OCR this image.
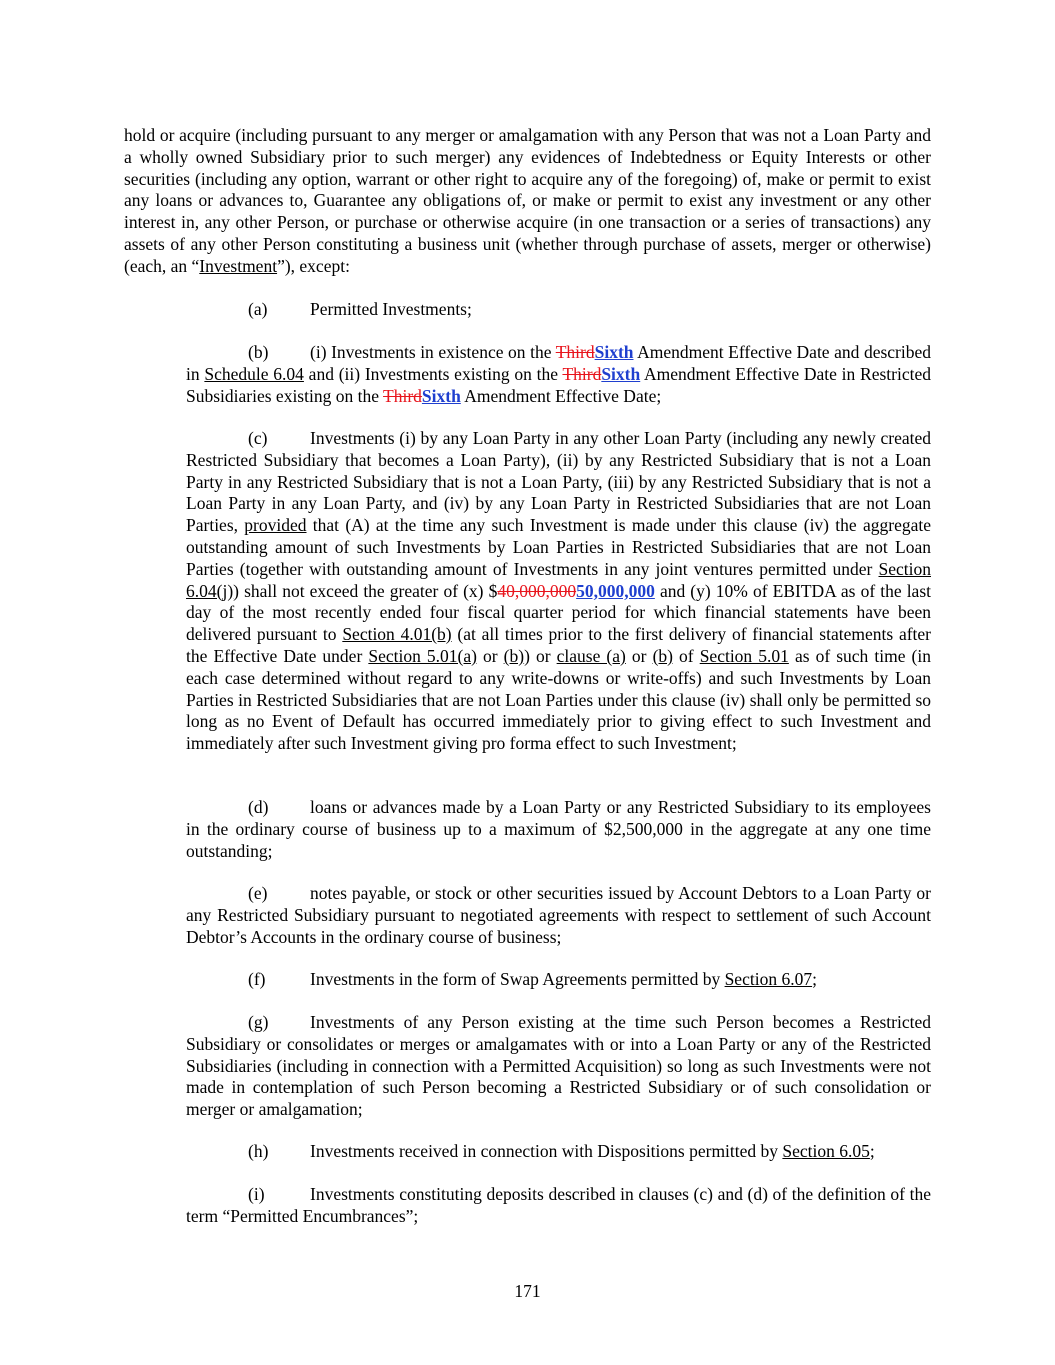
hold or acquire (including pursuant to any merger or amalgamation with any Person that was not a Loan Party and a wholly owned Subsidiary prior to such merger) any evidences of Indebtedness or Equity Interests or other securities (including any option, warrant or other right to acquire any of the foregoing) of, make or permit to exist any loans or advances to, Guarantee any obligations of, or make or permit to exist any investment or any other interest in, any other Person, or purchase or otherwise acquire (in one transaction or a series of transactions) any assets of any other Person constituting a business unit (whether through purchase of assets, merger or otherwise) (each, an “Investment”), except:

(a) Permitted Investments;

(b) (i) Investments in existence on the ThirdSixth Amendment Effective Date and described in Schedule 6.04 and (ii) Investments existing on the ThirdSixth Amendment Effective Date in Restricted Subsidiaries existing on the ThirdSixth Amendment Effective Date;

(c) Investments (i) by any Loan Party in any other Loan Party (including any newly created Restricted Subsidiary that becomes a Loan Party), (ii) by any Restricted Subsidiary that is not a Loan Party in any Restricted Subsidiary that is not a Loan Party, (iii) by any Restricted Subsidiary that is not a Loan Party in any Loan Party, and (iv) by any Loan Party in Restricted Subsidiaries that are not Loan Parties, provided that (A) at the time any such Investment is made under this clause (iv) the aggregate outstanding amount of such Investments by Loan Parties in Restricted Subsidiaries that are not Loan Parties (together with outstanding amount of Investments in any joint ventures permitted under Section 6.04(j)) shall not exceed the greater of (x) $40,000,00050,000,000 and (y) 10% of EBITDA as of the last day of the most recently ended four fiscal quarter period for which financial statements have been delivered pursuant to Section 4.01(b) (at all times prior to the first delivery of financial statements after the Effective Date under Section 5.01(a) or (b)) or clause (a) or (b) of Section 5.01 as of such time (in each case determined without regard to any write-downs or write-offs) and such Investments by Loan Parties in Restricted Subsidiaries that are not Loan Parties under this clause (iv) shall only be permitted so long as no Event of Default has occurred immediately prior to giving effect to such Investment and immediately after such Investment giving pro forma effect to such Investment;

(d) loans or advances made by a Loan Party or any Restricted Subsidiary to its employees in the ordinary course of business up to a maximum of $2,500,000 in the aggregate at any one time outstanding;

(e) notes payable, or stock or other securities issued by Account Debtors to a Loan Party or any Restricted Subsidiary pursuant to negotiated agreements with respect to settlement of such Account Debtor’s Accounts in the ordinary course of business;

(f)	Investments in the form of Swap Agreements permitted by Section 6.07;

(g) Investments of any Person existing at the time such Person becomes a Restricted Subsidiary or consolidates or merges or amalgamates with or into a Loan Party or any of the Restricted Subsidiaries (including in connection with a Permitted Acquisition) so long as such Investments were not made in contemplation of such Person becoming a Restricted Subsidiary or of such consolidation or merger or amalgamation;

(h) Investments received in connection with Dispositions permitted by Section 6.05;

(i)	Investments constituting deposits described in clauses (c) and (d) of the definition of the term “Permitted Encumbrances”;

171
